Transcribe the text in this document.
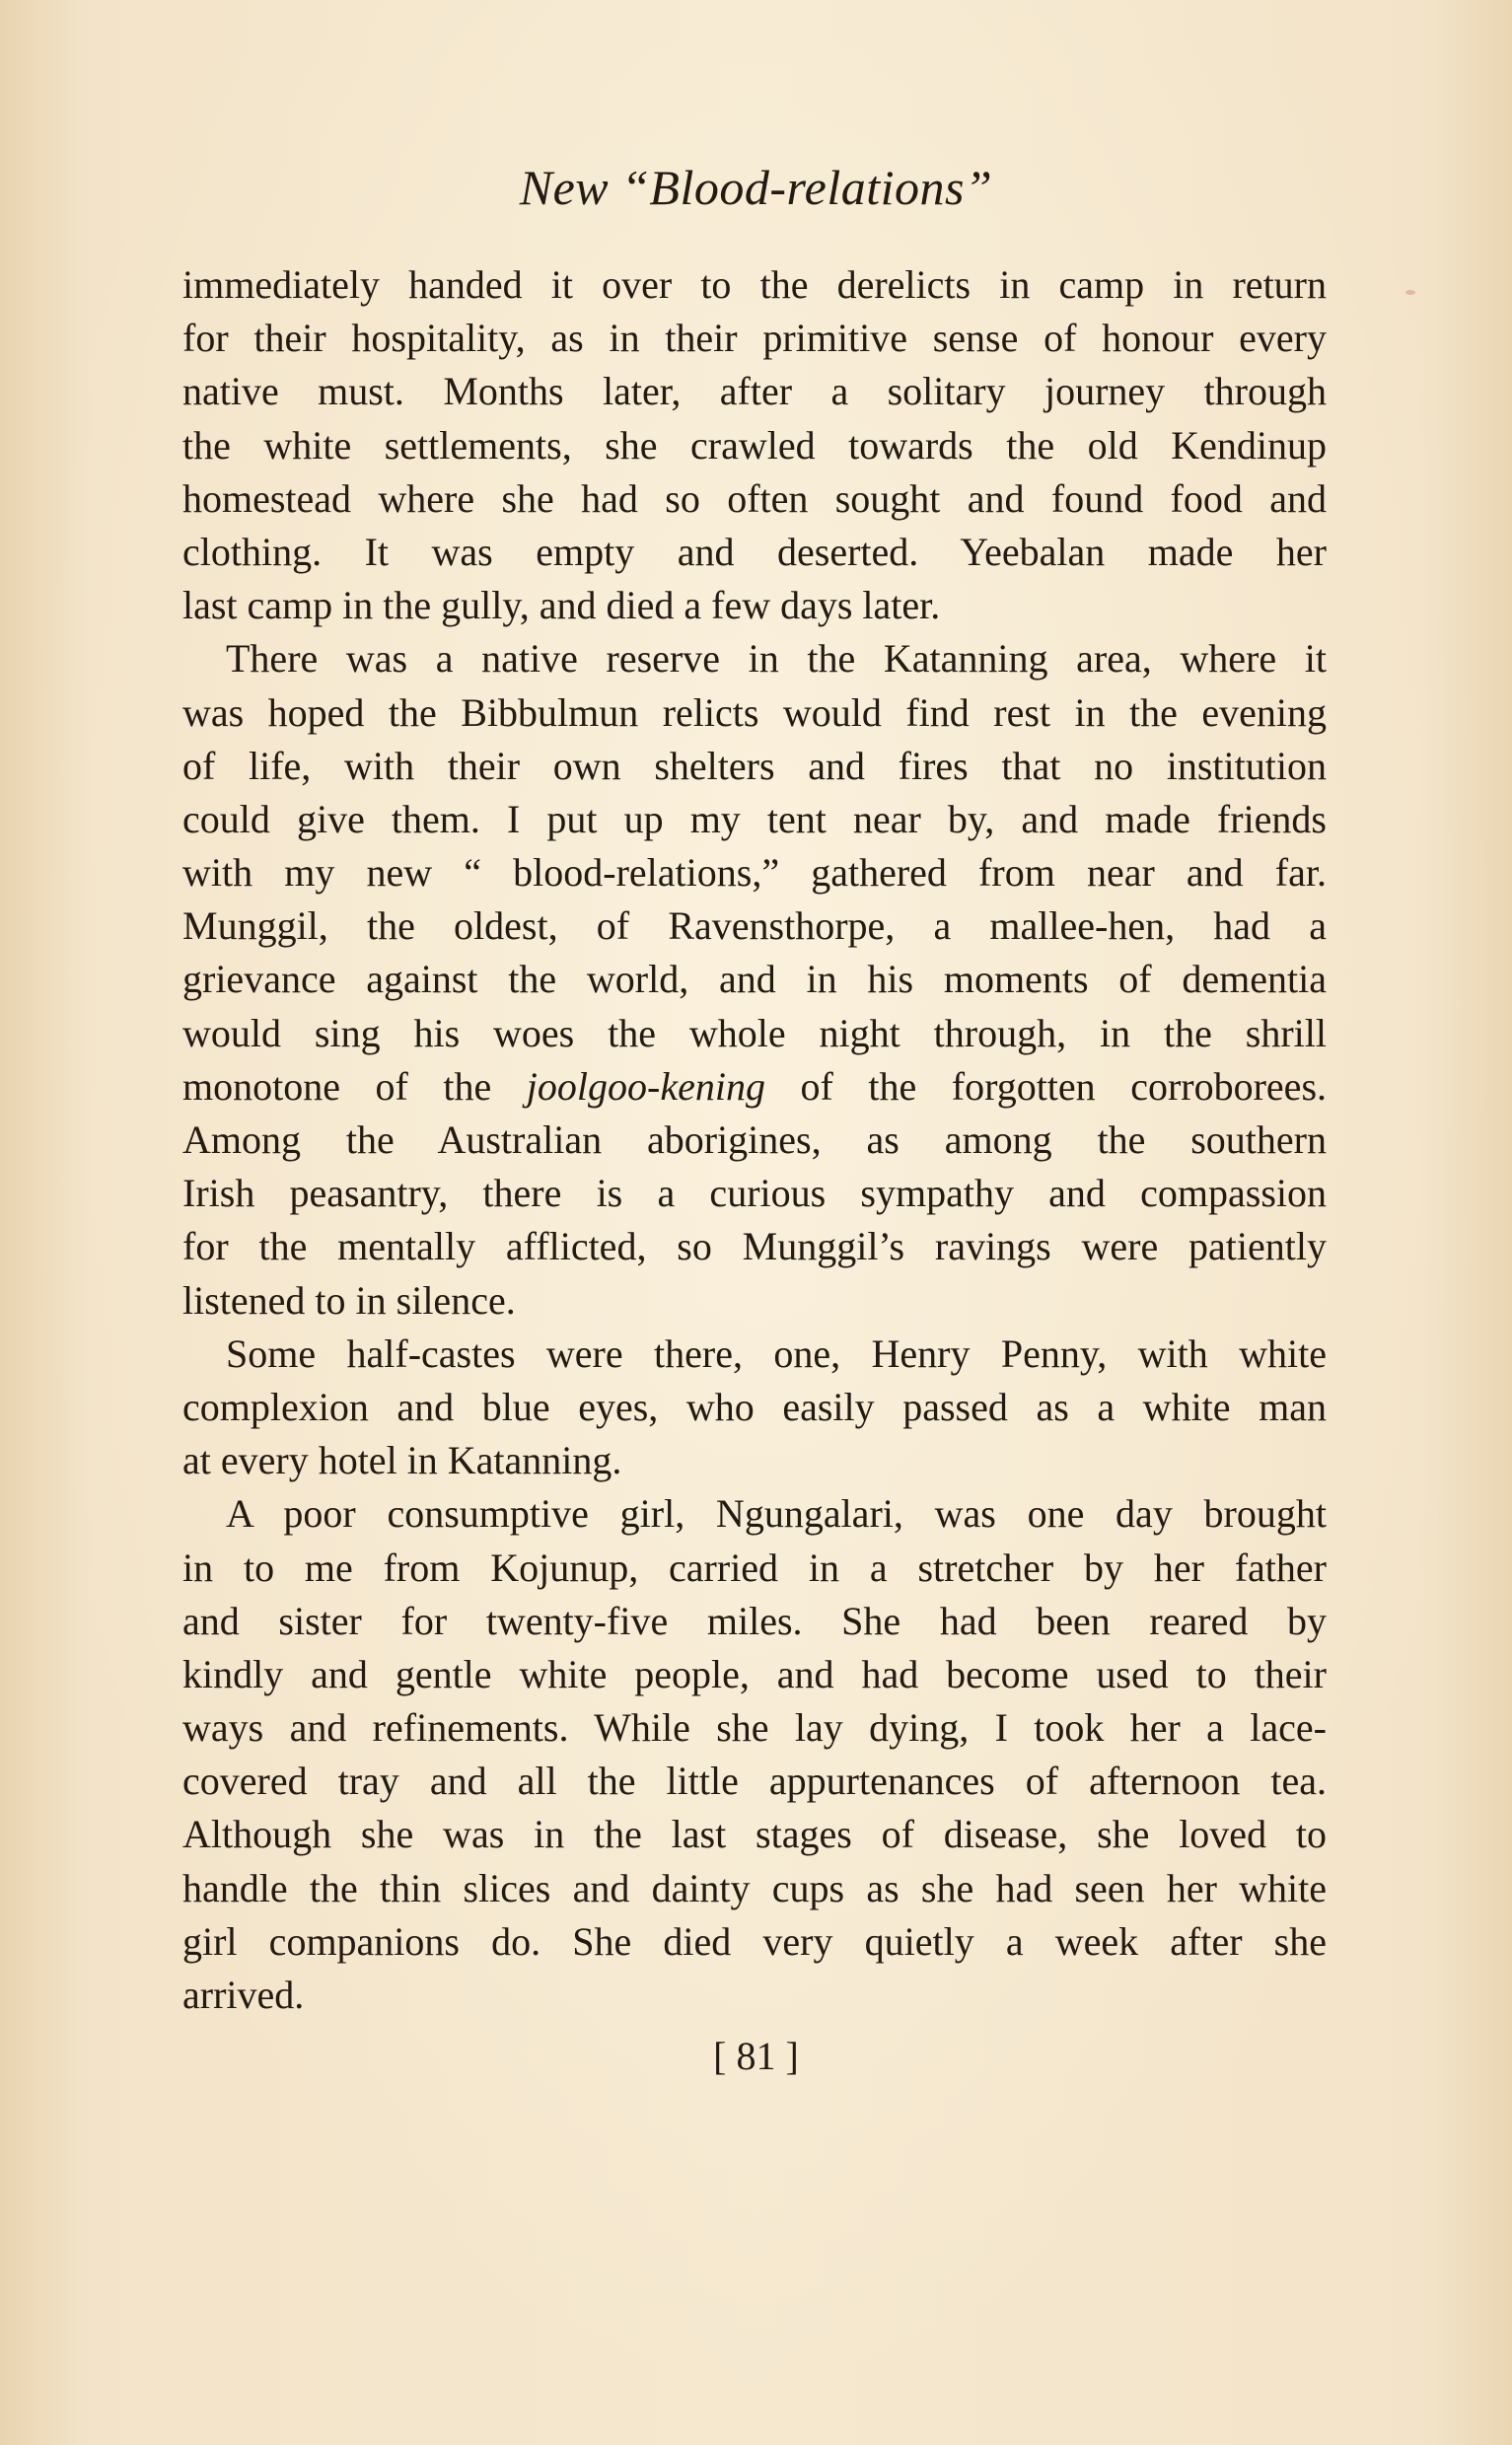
New “Blood-relations”
immediately handed it over to the derelicts in camp in return
for their hospitality, as in their primitive sense of honour every
native must. Months later, after a solitary journey through
the white settlements, she crawled towards the old Kendinup
homestead where she had so often sought and found food and
clothing. It was empty and deserted. Yeebalan made her
last camp in the gully, and died a few days later.
There was a native reserve in the Katanning area, where it
was hoped the Bibbulmun relicts would find rest in the evening
of life, with their own shelters and fires that no institution
could give them. I put up my tent near by, and made friends
with my new “ blood-relations,” gathered from near and far.
Munggil, the oldest, of Ravensthorpe, a mallee-hen, had a
grievance against the world, and in his moments of dementia
would sing his woes the whole night through, in the shrill
monotone of the joolgoo-kening of the forgotten corroborees.
Among the Australian aborigines, as among the southern
Irish peasantry, there is a curious sympathy and compassion
for the mentally afflicted, so Munggil’s ravings were patiently
listened to in silence.
Some half-castes were there, one, Henry Penny, with white
complexion and blue eyes, who easily passed as a white man
at every hotel in Katanning.
A poor consumptive girl, Ngungalari, was one day brought
in to me from Kojunup, carried in a stretcher by her father
and sister for twenty-five miles. She had been reared by
kindly and gentle white people, and had become used to their
ways and refinements. While she lay dying, I took her a lace-
covered tray and all the little appurtenances of afternoon tea.
Although she was in the last stages of disease, she loved to
handle the thin slices and dainty cups as she had seen her white
girl companions do. She died very quietly a week after she
arrived.
[ 81 ]
